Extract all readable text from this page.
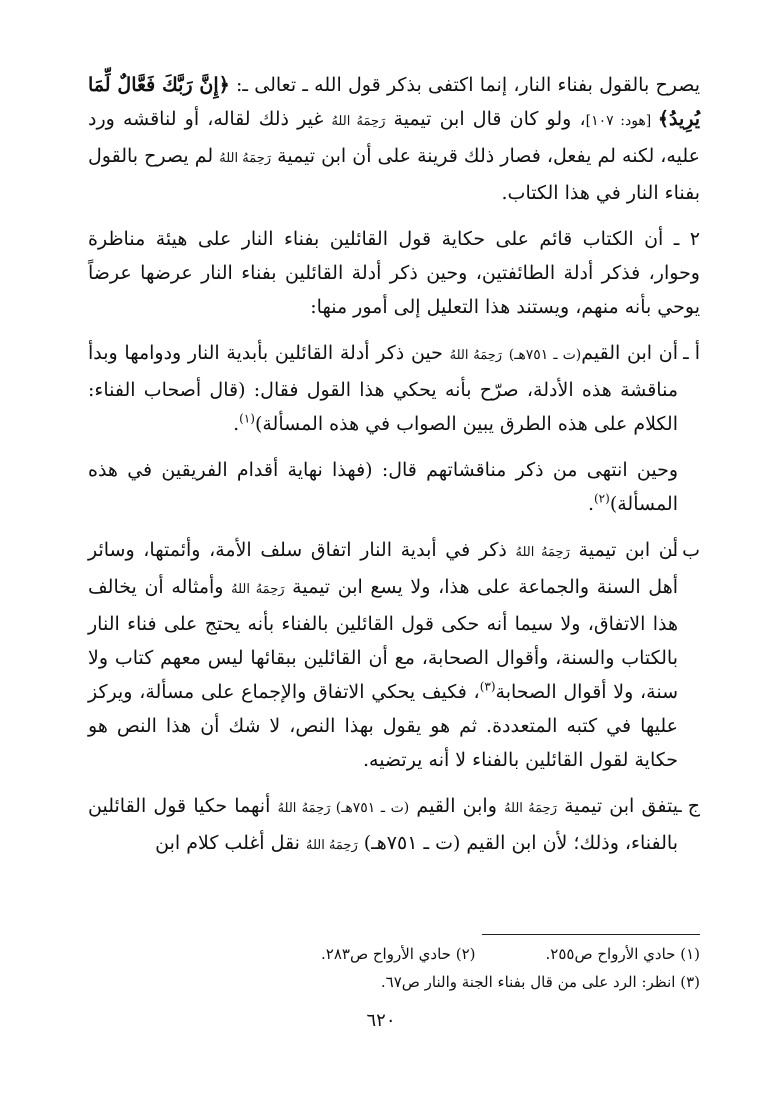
يصرح بالقول بفناء النار، إنما اكتفى بذكر قول الله ـ تعالى ـ: ﴿إِنَّ رَبَّكَ فَعَّالٌ لِّمَا يُرِيدُ﴾ [هود: ١٠٧]، ولو كان قال ابن تيمية رَحِمَهُ اللهُ غير ذلك لقاله، أو لناقشه ورد عليه، لكنه لم يفعل، فصار ذلك قرينة على أن ابن تيمية رَحِمَهُ اللهُ لم يصرح بالقول بفناء النار في هذا الكتاب.

٢ ـ أن الكتاب قائم على حكاية قول القائلين بفناء النار على هيئة مناظرة وحوار، فذكر أدلة الطائفتين، وحين ذكر أدلة القائلين بفناء النار عرضها عرضاً يوحي بأنه منهم، ويستند هذا التعليل إلى أمور منها:

أ ـ
أن ابن القيم(ت ـ ٧٥١هـ) رَحِمَهُ اللهُ حين ذكر أدلة القائلين بأبدية النار ودوامها وبدأ مناقشة هذه الأدلة، صرّح بأنه يحكي هذا القول فقال: (قال أصحاب الفناء: الكلام على هذه الطرق يبين الصواب في هذه المسألة)$^{(١)}$.

وحين انتهى من ذكر مناقشاتهم قال: (فهذا نهاية أقدام الفريقين في هذه المسألة)$^{(٢)}$.

ب ـ
أن ابن تيمية رَحِمَهُ اللهُ ذكر في أبدية النار اتفاق سلف الأمة، وأئمتها، وسائر أهل السنة والجماعة على هذا، ولا يسع ابن تيمية رَحِمَهُ اللهُ وأمثاله أن يخالف هذا الاتفاق، ولا سيما أنه حكى قول القائلين بالفناء بأنه يحتج على فناء النار بالكتاب والسنة، وأقوال الصحابة، مع أن القائلين ببقائها ليس معهم كتاب ولا سنة، ولا أقوال الصحابة$^{(٣)}$، فكيف يحكي الاتفاق والإجماع على مسألة، ويركز عليها في كتبه المتعددة. ثم هو يقول بهذا النص، لا شك أن هذا النص هو حكاية لقول القائلين بالفناء لا أنه يرتضيه.
ج ـ
يتفق ابن تيمية رَحِمَهُ اللهُ وابن القيم (ت ـ ٧٥١هـ) رَحِمَهُ اللهُ أنهما حكيا قول القائلين بالفناء، وذلك؛ لأن ابن القيم (ت ـ ٧٥١هـ) رَحِمَهُ اللهُ نقل أغلب كلام ابن
(١) حادي الأرواح ص٢٥٥.
(٢) حادي الأرواح ص٢٨٣.
(٣) انظر: الرد على من قال بفناء الجنة والنار ص٦٧.
٦٢٠
